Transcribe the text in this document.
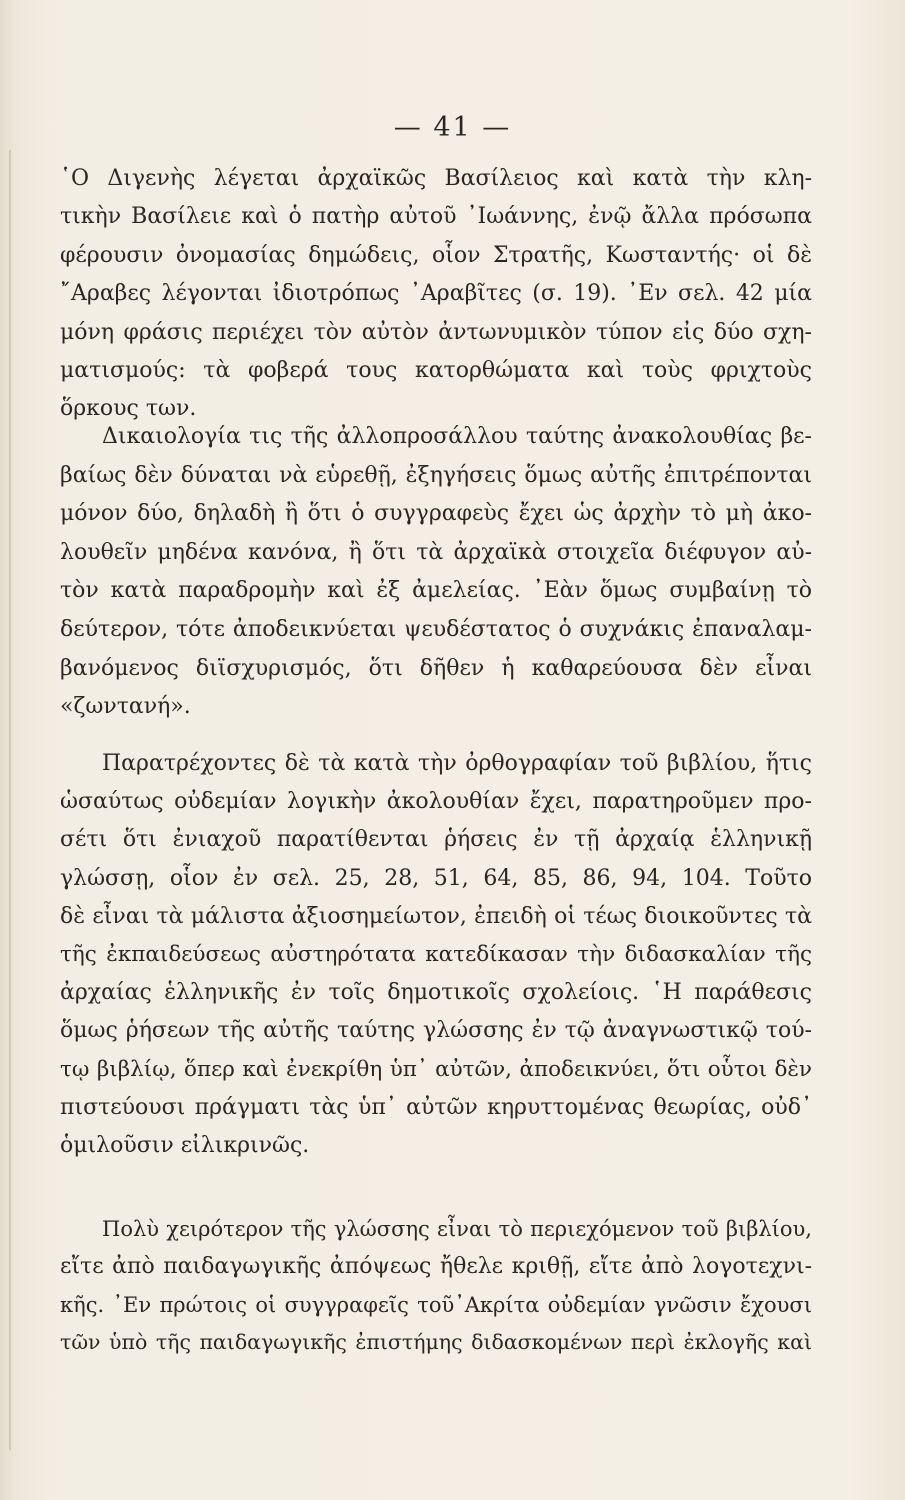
— 41 —
῾Ο Διγενὴς λέγεται ἀρχαϊκῶς Βασίλειος καὶ κατὰ τὴν κλη-
τικὴν Βασίλειε καὶ ὁ πατὴρ αὐτοῦ ᾿Ιωάννης, ἐνῷ ἄλλα πρόσωπα
φέρουσιν ὀνομασίας δημώδεις, οἷον Στρατῆς, Κωσταντής· οἱ δὲ
῎Αραβες λέγονται ἰδιοτρόπως ᾿Αραβῖτες (σ. 19). ᾿Εν σελ. 42 μία
μόνη φράσις περιέχει τὸν αὐτὸν ἀντωνυμικὸν τύπον εἰς δύο σχη-
ματισμούς: τὰ φοβερά τους κατορθώματα καὶ τοὺς φριχτοὺς
ὅρκους των.
Δικαιολογία τις τῆς ἀλλοπροσάλλου ταύτης ἀνακολουθίας βε-
βαίως δὲν δύναται νὰ εὑρεθῇ, ἐξηγήσεις ὅμως αὐτῆς ἐπιτρέπονται
μόνον δύο, δηλαδὴ ἢ ὅτι ὁ συγγραφεὺς ἔχει ὡς ἀρχὴν τὸ μὴ ἀκο-
λουθεῖν μηδένα κανόνα, ἢ ὅτι τὰ ἀρχαϊκὰ στοιχεῖα διέφυγον αὐ-
τὸν κατὰ παραδρομὴν καὶ ἐξ ἀμελείας. ᾿Εὰν ὅμως συμβαίνῃ τὸ
δεύτερον, τότε ἀποδεικνύεται ψευδέστατος ὁ συχνάκις ἐπαναλαμ-
βανόμενος διϊσχυρισμός, ὅτι δῆθεν ἡ καθαρεύουσα δὲν εἶναι
«ζωντανή».
Παρατρέχοντες δὲ τὰ κατὰ τὴν ὀρθογραφίαν τοῦ βιβλίου, ἥτις
ὡσαύτως οὐδεμίαν λογικὴν ἀκολουθίαν ἔχει, παρατηροῦμεν προ-
σέτι ὅτι ἐνιαχοῦ παρατίθενται ῥήσεις ἐν τῇ ἀρχαίᾳ ἑλληνικῇ
γλώσσῃ, οἷον ἐν σελ. 25, 28, 51, 64, 85, 86, 94, 104. Τοῦτο
δὲ εἶναι τὰ μάλιστα ἀξιοσημείωτον, ἐπειδὴ οἱ τέως διοικοῦντες τὰ
τῆς ἐκπαιδεύσεως αὐστηρότατα κατεδίκασαν τὴν διδασκαλίαν τῆς
ἀρχαίας ἑλληνικῆς ἐν τοῖς δημοτικοῖς σχολείοις. ῾Η παράθεσις
ὅμως ῥήσεων τῆς αὐτῆς ταύτης γλώσσης ἐν τῷ ἀναγνωστικῷ τού-
τῳ βιβλίῳ, ὅπερ καὶ ἐνεκρίθη ὑπ᾿ αὐτῶν, ἀποδεικνύει, ὅτι οὗτοι δὲν
πιστεύουσι πράγματι τὰς ὑπ᾿ αὐτῶν κηρυττομένας θεωρίας, οὐδ᾿
ὁμιλοῦσιν εἰλικρινῶς.
Πολὺ χειρότερον τῆς γλώσσης εἶναι τὸ περιεχόμενον τοῦ βιβλίου,
εἴτε ἀπὸ παιδαγωγικῆς ἀπόψεως ἤθελε κριθῇ, εἴτε ἀπὸ λογοτεχνι-
κῆς. ᾿Εν πρώτοις οἱ συγγραφεῖς τοῦ᾿Ακρίτα οὐδεμίαν γνῶσιν ἔχουσι
τῶν ὑπὸ τῆς παιδαγωγικῆς ἐπιστήμης διδασκομένων περὶ ἐκλογῆς καὶ
